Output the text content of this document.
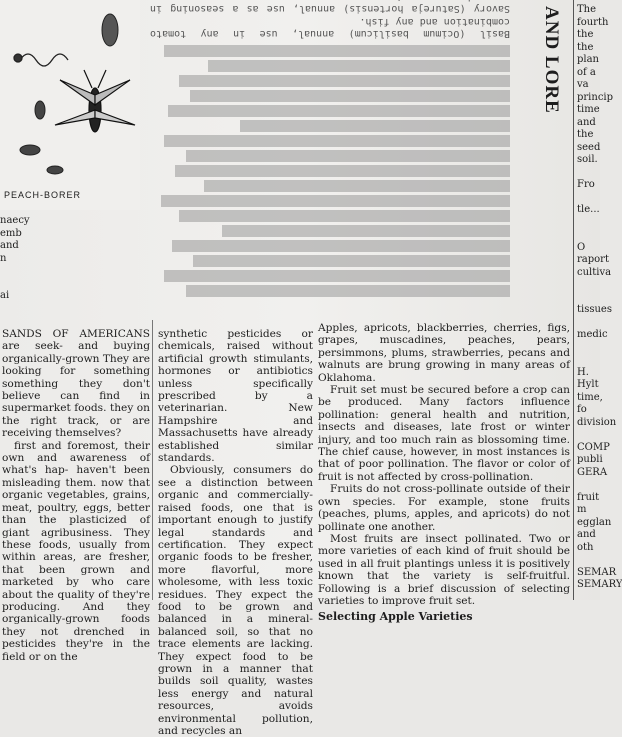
Basil (Ocimum basilicum) annual, use in any tomato combination and any fish.
Savory (Satureja hortensis) annual, use as a seasoning in	AND LORE
PEACH-BORER
naecy
emb
and
n

ai

SANDS OF AMERICANS are seek- and buying organically-grown They are looking for something something they don't believe can find in supermarket foods. they on the right track, or are receiving themselves?

first and foremost, their own and awareness of what's hap- haven't been misleading them. now that organic vegetables, grains, meat, poultry, eggs, better than the plasticized of giant agribusiness. They these foods, usually from within areas, are fresher, that been grown and marketed by who care about the quality of they're producing. And they organically-grown foods they not drenched in pesticides they're in the field or on the

synthetic pesticides or chemicals, raised without artificial growth stimulants, hormones or antibiotics unless specifically prescribed by a veterinarian. New Hampshire and Massachusetts have already established similar standards.

Obviously, consumers do see a distinction between organic and commercially-raised foods, one that is important enough to justify legal standards and certification. They expect organic foods to be fresher, more flavorful, more wholesome, with less toxic residues. They expect the food to be grown and balanced in a mineral-balanced soil, so that no trace elements are lacking. They expect food to be grown in a manner that builds soil quality, wastes less energy and natural resources, avoids environmental pollution, and recycles an

Apples, apricots, blackberries, cherries, figs, grapes, muscadines, peaches, pears, persimmons, plums, strawberries, pecans and walnuts are brung growing in many areas of Oklahoma.

Fruit set must be secured before a crop can be produced. Many factors influence pollination: general health and nutrition, insects and diseases, late frost or winter injury, and too much rain as blossoming time. The chief cause, however, in most instances is that of poor pollination. The flavor or color of fruit is not affected by cross-pollination.

Fruits do not cross-pollinate outside of their own species. For example, stone fruits (peaches, plums, apples, and apricots) do not pollinate one another.

Most fruits are insect pollinated. Two or more varieties of each kind of fruit should be used in all fruit plantings unless it is positively known that the variety is self-fruitful. Following is a brief discussion of selecting varieties to improve fruit set.

Selecting Apple Varieties
The
fourth
the
the plan
of a va
princip
time and
the seed
soil.

Fro

tle...

O
raport
cultiva

tissues

medic

H. Hylt
time, fo
division

COMP
publi
GERA

fruit m
egglan
and oth

SEMAR
SEMARY
